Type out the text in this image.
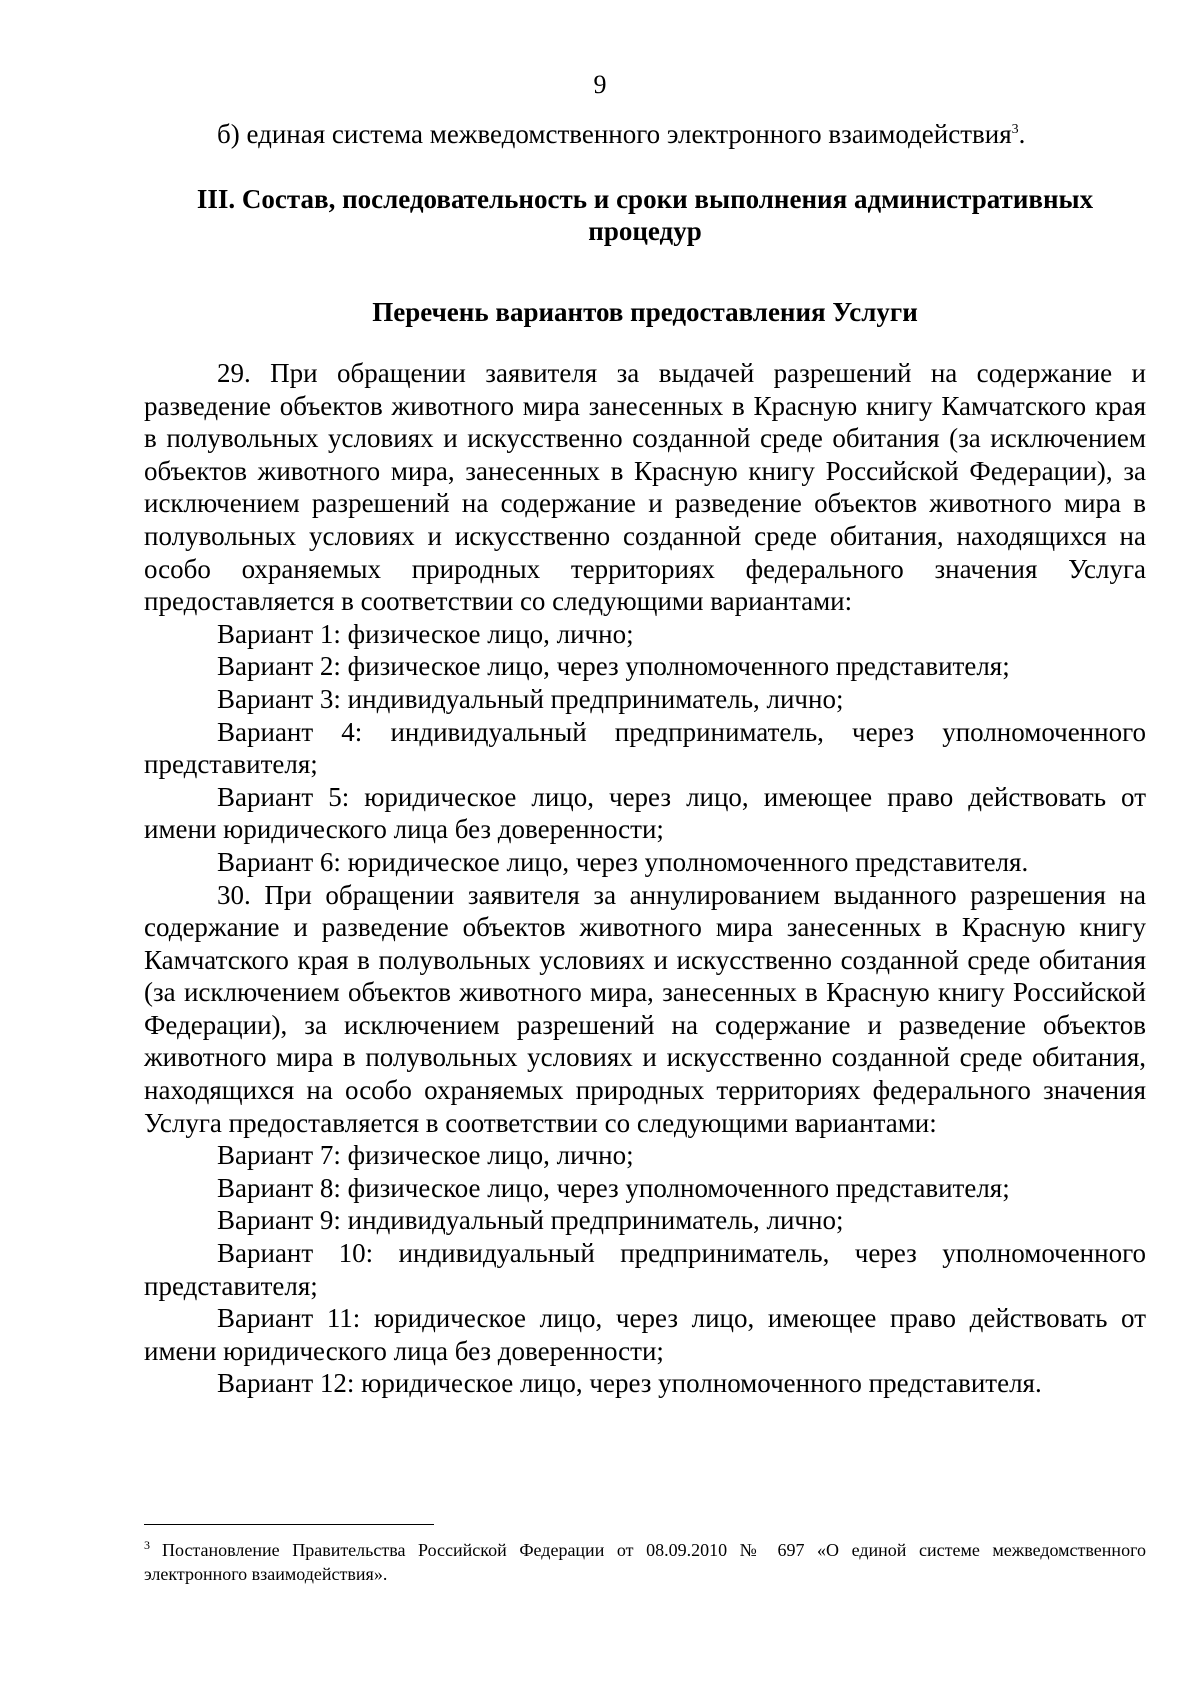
9
б) единая система межведомственного электронного взаимодействия$^3$.
III. Состав, последовательность и сроки выполнения административных
процедур
Перечень вариантов предоставления Услуги

29. При обращении заявителя за выдачей разрешений на содержание и разведение объектов животного мира занесенных в Красную книгу Камчатского края в полувольных условиях и искусственно созданной среде обитания (за исключением объектов животного мира, занесенных в Красную книгу Российской Федерации), за исключением разрешений на содержание и разведение объектов животного мира в полувольных условиях и искусственно созданной среде обитания, находящихся на особо охраняемых природных территориях федерального значения Услуга предоставляется в соответствии со следующими вариантами:

Вариант 1: физическое лицо, лично;

Вариант 2: физическое лицо, через уполномоченного представителя;

Вариант 3: индивидуальный предприниматель, лично;

Вариант 4: индивидуальный предприниматель, через уполномоченного представителя;

Вариант 5: юридическое лицо, через лицо, имеющее право действовать от имени юридического лица без доверенности;

Вариант 6: юридическое лицо, через уполномоченного представителя.

30. При обращении заявителя за аннулированием выданного разрешения на содержание и разведение объектов животного мира занесенных в Красную книгу Камчатского края в полувольных условиях и искусственно созданной среде обитания (за исключением объектов животного мира, занесенных в Красную книгу Российской Федерации), за исключением разрешений на содержание и разведение объектов животного мира в полувольных условиях и искусственно созданной среде обитания, находящихся на особо охраняемых природных территориях федерального значения Услуга предоставляется в соответствии со следующими вариантами:

Вариант 7: физическое лицо, лично;

Вариант 8: физическое лицо, через уполномоченного представителя;

Вариант 9: индивидуальный предприниматель, лично;

Вариант 10: индивидуальный предприниматель, через уполномоченного представителя;

Вариант 11: юридическое лицо, через лицо, имеющее право действовать от имени юридического лица без доверенности;

Вариант 12: юридическое лицо, через уполномоченного представителя.

$^3$ Постановление Правительства Российской Федерации от 08.09.2010 № 697 «О единой системе межведомственного электронного взаимодействия».
